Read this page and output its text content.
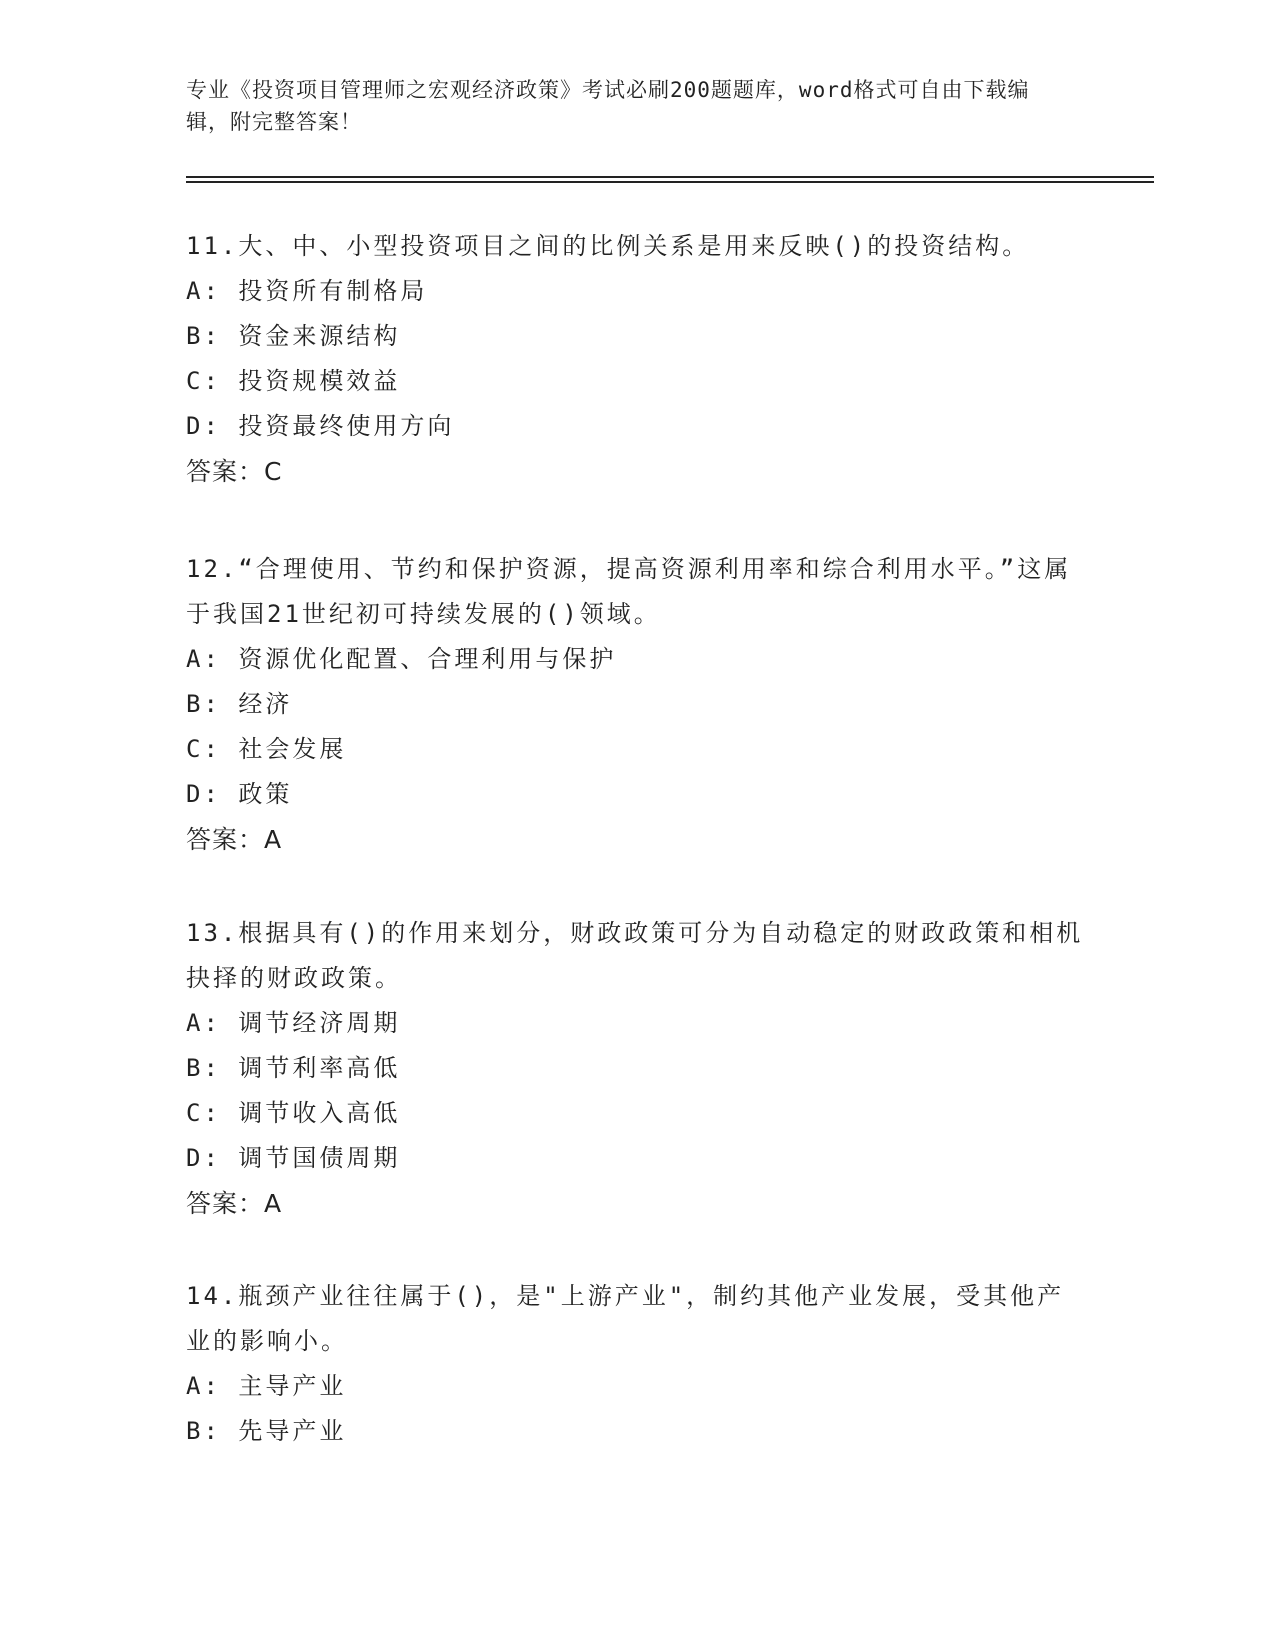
专业《投资项目管理师之宏观经济政策》考试必刷200题题库，word格式可自由下载编辑，附完整答案！
11.大、中、小型投资项目之间的比例关系是用来反映()的投资结构。
A: 投资所有制格局
B: 资金来源结构
C: 投资规模效益
D: 投资最终使用方向
答案：C
12.“合理使用、节约和保护资源，提高资源利用率和综合利用水平。”这属于我国21世纪初可持续发展的()领域。
A: 资源优化配置、合理利用与保护
B: 经济
C: 社会发展
D: 政策
答案：A
13.根据具有()的作用来划分，财政政策可分为自动稳定的财政政策和相机抉择的财政政策。
A: 调节经济周期
B: 调节利率高低
C: 调节收入高低
D: 调节国债周期
答案：A
14.瓶颈产业往往属于()，是"上游产业"，制约其他产业发展，受其他产业的影响小。
A: 主导产业
B: 先导产业
